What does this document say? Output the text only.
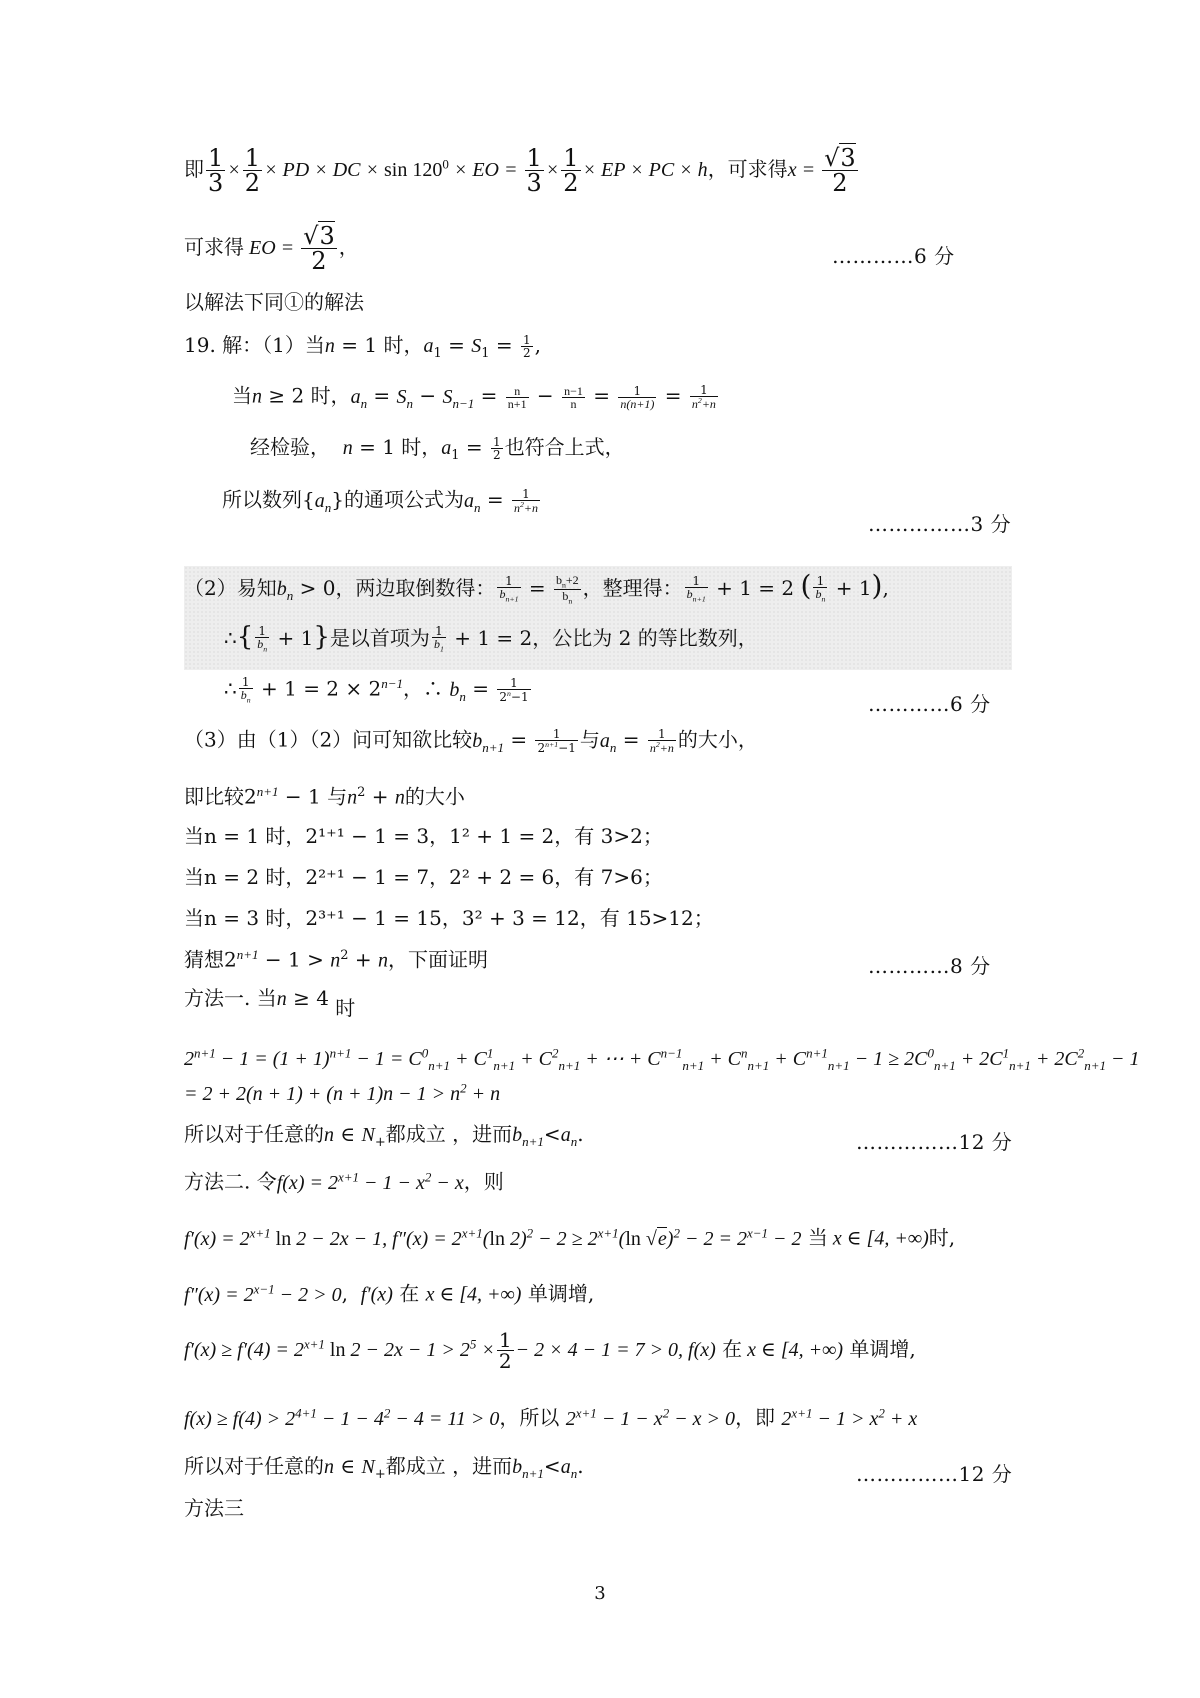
即 $\frac{1}{3} \times \frac{1}{2}$ × PD × DC × $\sin 120^0$ × EO = $\frac{1}{3} \times \frac{1}{2}$ × EP × PC × h，可求得$x = \frac{√3}{2}$
可求得 EO = $\frac{√3}{2}$ ，	…………6 分
以解法下同①的解法
19. 解：（1）当n = 1 时，$a_1 = S_1 = \frac{1}{2}$ ,
当n ≥ 2 时，$a_n = S_n - S_{n-1} = \frac{n}{n+1} - \frac{n-1}{n} = \frac{1}{n(n+1)} = \frac{1}{n^2+n}$
经检验， n = 1 时，$a_1 = \frac{1}{2}$ 也符合上式，
所以数列$\{a_n\}$的通项公式为$a_n = \frac{1}{n^2+n}$
……………3 分
（2）易知$b_n > 0$，两边取倒数得： $\frac{1}{b_{n+1}} = \frac{b_n+2}{b_n}$ ，整理得： $\frac{1}{b_{n+1}} + 1 = 2$ ( $\frac{1}{b_n} + 1$),
∴{ $\frac{1}{b_n} + 1$}是以首项为 $\frac{1}{b_1} + 1 = 2$，公比为 2 的等比数列，
∴ $\frac{1}{b_n} + 1 = 2 \times 2^{n-1}$，∴ $b_n = \frac{1}{2^n-1}$
…………6 分
（3）由（1）（2）问可知欲比较$b_{n+1} = \frac{1}{2^{n+1}-1}$ 与$a_n = \frac{1}{n^2+n}$ 的大小，
即比较$2^{n+1} - 1$ 与$n^2 + n$的大小
当n = 1 时，2¹⁺¹ − 1 = 3，1² + 1 = 2，有 3>2；
当n = 2 时，2²⁺¹ − 1 = 7，2² + 2 = 6，有 7>6；
当n = 3 时，2³⁺¹ − 1 = 15，3² + 3 = 12，有 15>12；
猜想$2^{n+1} - 1 > n^2 + n$，下面证明	…………8 分
方法一. 当n ≥ 4 时
$2^{n+1} - 1 = (1 + 1)^{n+1} - 1 = C^0_{n+1} + C^1_{n+1} + C^2_{n+1}$ + ⋯ + $C^{n-1}_{n+1} + C^n_{n+1} + C^{n+1}_{n+1} - 1 \ge 2C^0_{n+1} + 2C^1_{n+1} + 2C^2_{n+1} - 1$
= $2 + 2(n + 1) + (n + 1)n - 1 > n^2 + n$
所以对于任意的n ∈ $N_+$都成立 ，进而$b_{n+1}<a_n$.	……………12 分
方法二. 令$f(x) = 2^{x+1} - 1 - x^2 - x$，则
$f'(x) = 2^{x+1}$ ln 2 − 2x − 1, $f''(x) = 2^{x+1}(\ln$ $2)^2 - 2 \ge 2^{x+1}(\ln$ $√e)^2 - 2 = 2^{x-1} - 2$ 当 x ∈ [4, +∞)时,
$f''(x) = 2^{x-1} - 2 > 0$,  f′(x) 在 x ∈ [4, +∞) 单调增,
$f'(x) \ge f'(4) = 2^{x+1}$ $\ln 2 - 2x - 1 > 2^5 \times \frac{1}{2} - 2 \times 4 - 1 = 7 > 0$, f(x) 在 x ∈ [4, +∞) 单调增,
$f(x) \ge f(4) > 2^{4+1} - 1 - 4^2 - 4 = 11 > 0$，所以 $2^{x+1} - 1 - x^2 - x > 0$，即 $2^{x+1} - 1 > x^2 + x$
所以对于任意的n ∈ $N_+$都成立 ，进而$b_{n+1}<a_n$.	……………12 分
方法三
3
